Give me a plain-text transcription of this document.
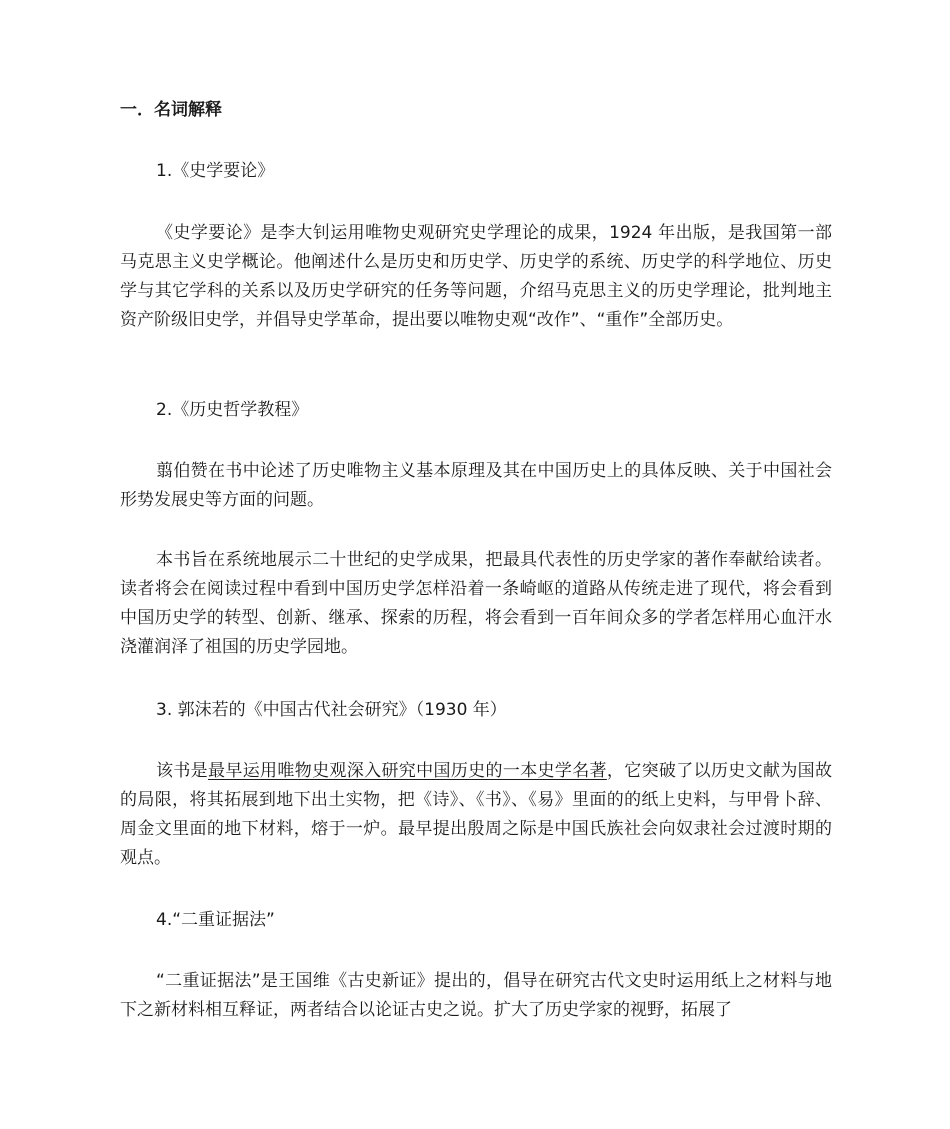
一．名词解释

1.《史学要论》

《史学要论》是李大钊运用唯物史观研究史学理论的成果，1924 年出版，是我国第一部马克思主义史学概论。他阐述什么是历史和历史学、历史学的系统、历史学的科学地位、历史学与其它学科的关系以及历史学研究的任务等问题，介绍马克思主义的历史学理论，批判地主资产阶级旧史学，并倡导史学革命，提出要以唯物史观“改作”、“重作”全部历史。

2.《历史哲学教程》

翦伯赞在书中论述了历史唯物主义基本原理及其在中国历史上的具体反映、关于中国社会形势发展史等方面的问题。

本书旨在系统地展示二十世纪的史学成果，把最具代表性的历史学家的著作奉献给读者。读者将会在阅读过程中看到中国历史学怎样沿着一条崎岖的道路从传统走进了现代，将会看到中国历史学的转型、创新、继承、探索的历程，将会看到一百年间众多的学者怎样用心血汗水浇灌润泽了祖国的历史学园地。

3. 郭沫若的《中国古代社会研究》（1930 年）

该书是最早运用唯物史观深入研究中国历史的一本史学名著，它突破了以历史文献为国故的局限，将其拓展到地下出土实物，把《诗》、《书》、《易》里面的的纸上史料，与甲骨卜辞、周金文里面的地下材料，熔于一炉。最早提出殷周之际是中国氏族社会向奴隶社会过渡时期的观点。

4.“二重证据法”

“二重证据法”是王国维《古史新证》提出的，倡导在研究古代文史时运用纸上之材料与地下之新材料相互释证，两者结合以论证古史之说。扩大了历史学家的视野，拓展了
